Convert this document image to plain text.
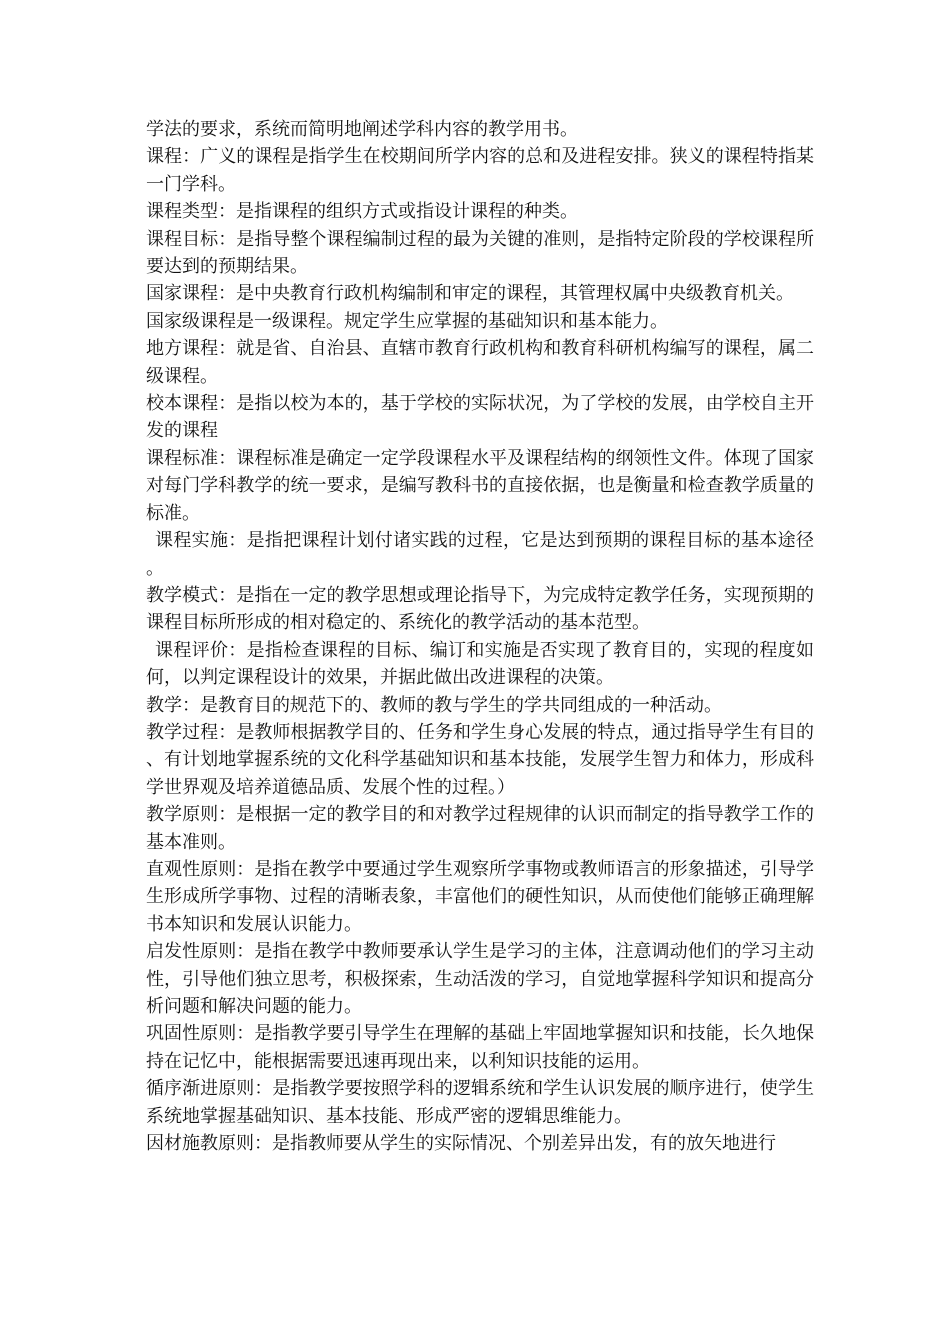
学法的要求，系统而简明地阐述学科内容的教学用书。

课程：广义的课程是指学生在校期间所学内容的总和及进程安排。狭义的课程特指某一门学科。

课程类型：是指课程的组织方式或指设计课程的种类。

课程目标：是指导整个课程编制过程的最为关键的准则，是指特定阶段的学校课程所要达到的预期结果。

国家课程：是中央教育行政机构编制和审定的课程，其管理权属中央级教育机关。

国家级课程是一级课程。规定学生应掌握的基础知识和基本能力。

地方课程：就是省、自治县、直辖市教育行政机构和教育科研机构编写的课程，属二级课程。

校本课程：是指以校为本的，基于学校的实际状况，为了学校的发展，由学校自主开发的课程

课程标准：课程标准是确定一定学段课程水平及课程结构的纲领性文件。体现了国家对每门学科教学的统一要求，是编写教科书的直接依据，也是衡量和检查教学质量的标准。

课程实施：是指把课程计划付诸实践的过程，它是达到预期的课程目标的基本途径。

教学模式：是指在一定的教学思想或理论指导下，为完成特定教学任务，实现预期的课程目标所形成的相对稳定的、系统化的教学活动的基本范型。

课程评价：是指检查课程的目标、编订和实施是否实现了教育目的，实现的程度如何，以判定课程设计的效果，并据此做出改进课程的决策。

教学：是教育目的规范下的、教师的教与学生的学共同组成的一种活动。

教学过程：是教师根据教学目的、任务和学生身心发展的特点，通过指导学生有目的、有计划地掌握系统的文化科学基础知识和基本技能，发展学生智力和体力，形成科学世界观及培养道德品质、发展个性的过程。）

教学原则：是根据一定的教学目的和对教学过程规律的认识而制定的指导教学工作的基本准则。

直观性原则：是指在教学中要通过学生观察所学事物或教师语言的形象描述，引导学生形成所学事物、过程的清晰表象，丰富他们的硬性知识，从而使他们能够正确理解书本知识和发展认识能力。

启发性原则：是指在教学中教师要承认学生是学习的主体，注意调动他们的学习主动性，引导他们独立思考，积极探索，生动活泼的学习，自觉地掌握科学知识和提高分析问题和解决问题的能力。

巩固性原则：是指教学要引导学生在理解的基础上牢固地掌握知识和技能，长久地保持在记忆中，能根据需要迅速再现出来，以利知识技能的运用。

循序渐进原则：是指教学要按照学科的逻辑系统和学生认识发展的顺序进行，使学生系统地掌握基础知识、基本技能、形成严密的逻辑思维能力。

因材施教原则：是指教师要从学生的实际情况、个别差异出发，有的放矢地进行
